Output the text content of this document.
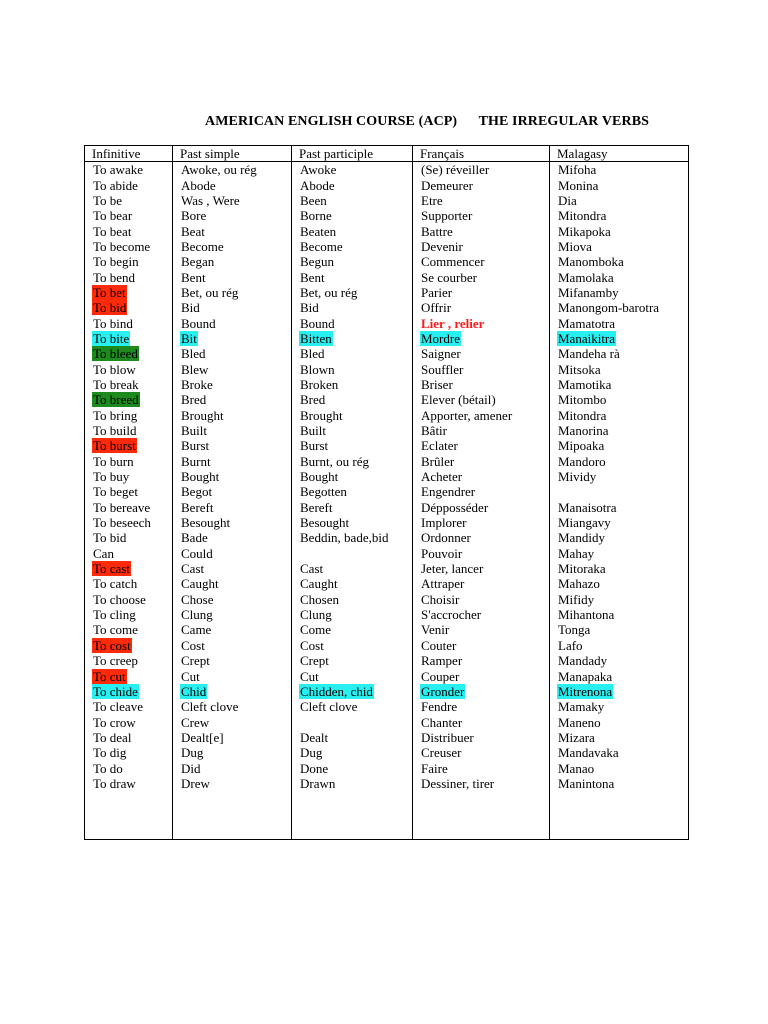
AMERICAN ENGLISH COURSE (ACP) THE IRREGULAR VERBS
Infinitive	Past simple	Past participle	Français	Malagasy
To awake	Awoke, ou rég	Awoke	(Se) réveiller	Mifoha
To abide	Abode	Abode	Demeurer	Monina
To be	Was , Were	Been	Etre	Dia
To bear	Bore	Borne	Supporter	Mitondra
To beat	Beat	Beaten	Battre	Mikapoka
To become	Become	Become	Devenir	Miova
To begin	Began	Begun	Commencer	Manomboka
To bend	Bent	Bent	Se courber	Mamolaka
To bet	Bet, ou rég	Bet, ou rég	Parier	Mifanamby
To bid	Bid	Bid	Offrir	Manongom-barotra
To bind	Bound	Bound	Lier , relier	Mamatotra
To bite	Bit	Bitten	Mordre	Manaikitra
To bleed	Bled	Bled	Saigner	Mandeha rà
To blow	Blew	Blown	Souffler	Mitsoka
To break	Broke	Broken	Briser	Mamotika
To breed	Bred	Bred	Elever (bétail)	Mitombo
To bring	Brought	Brought	Apporter, amener	Mitondra
To build	Built	Built	Bâtir	Manorina
To burst	Burst	Burst	Eclater	Mipoaka
To burn	Burnt	Burnt, ou rég	Brûler	Mandoro
To buy	Bought	Bought	Acheter	Mividy
To beget	Begot	Begotten	Engendrer	
To bereave	Bereft	Bereft	Dépposséder	Manaisotra
To beseech	Besought	Besought	Implorer	Miangavy
To bid	Bade	Beddin, bade,bid	Ordonner	Mandidy
Can	Could		Pouvoir	Mahay
To cast	Cast	Cast	Jeter, lancer	Mitoraka
To catch	Caught	Caught	Attraper	Mahazo
To choose	Chose	Chosen	Choisir	Mifidy
To cling	Clung	Clung	S'accrocher	Mihantona
To come	Came	Come	Venir	Tonga
To cost	Cost	Cost	Couter	Lafo
To creep	Crept	Crept	Ramper	Mandady
To cut	Cut	Cut	Couper	Manapaka
To chide	Chid	Chidden, chid	Gronder	Mitrenona
To cleave	Cleft clove	Cleft clove	Fendre	Mamaky
To crow	Crew		Chanter	Maneno
To deal	Dealt[e]	Dealt	Distribuer	Mizara
To dig	Dug	Dug	Creuser	Mandavaka
To do	Did	Done	Faire	Manao
To draw	Drew	Drawn	Dessiner, tirer	Manintona
